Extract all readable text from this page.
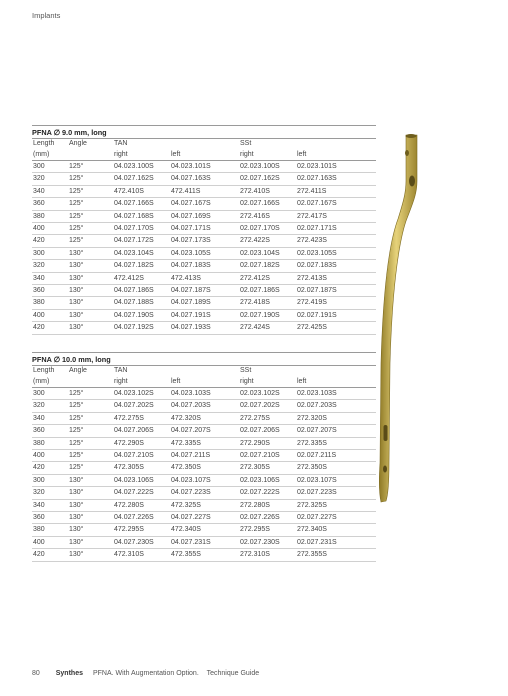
Implants
PFNA ∅ 9.0 mm, long
Length	Angle	TAN		SSt	
(mm)		right	left	right	left
300	125°	04.023.100S	04.023.101S	02.023.100S	02.023.101S
320	125°	04.027.162S	04.027.163S	02.027.162S	02.027.163S
340	125°	472.410S	472.411S	272.410S	272.411S
360	125°	04.027.166S	04.027.167S	02.027.166S	02.027.167S
380	125°	04.027.168S	04.027.169S	272.416S	272.417S
400	125°	04.027.170S	04.027.171S	02.027.170S	02.027.171S
420	125°	04.027.172S	04.027.173S	272.422S	272.423S
300	130°	04.023.104S	04.023.105S	02.023.104S	02.023.105S
320	130°	04.027.182S	04.027.183S	02.027.182S	02.027.183S
340	130°	472.412S	472.413S	272.412S	272.413S
360	130°	04.027.186S	04.027.187S	02.027.186S	02.027.187S
380	130°	04.027.188S	04.027.189S	272.418S	272.419S
400	130°	04.027.190S	04.027.191S	02.027.190S	02.027.191S
420	130°	04.027.192S	04.027.193S	272.424S	272.425S
PFNA ∅ 10.0 mm, long
Length	Angle	TAN		SSt	
(mm)		right	left	right	left
300	125°	04.023.102S	04.023.103S	02.023.102S	02.023.103S
320	125°	04.027.202S	04.027.203S	02.027.202S	02.027.203S
340	125°	472.275S	472.320S	272.275S	272.320S
360	125°	04.027.206S	04.027.207S	02.027.206S	02.027.207S
380	125°	472.290S	472.335S	272.290S	272.335S
400	125°	04.027.210S	04.027.211S	02.027.210S	02.027.211S
420	125°	472.305S	472.350S	272.305S	272.350S
300	130°	04.023.106S	04.023.107S	02.023.106S	02.023.107S
320	130°	04.027.222S	04.027.223S	02.027.222S	02.027.223S
340	130°	472.280S	472.325S	272.280S	272.325S
360	130°	04.027.226S	04.027.227S	02.027.226S	02.027.227S
380	130°	472.295S	472.340S	272.295S	272.340S
400	130°	04.027.230S	04.027.231S	02.027.230S	02.027.231S
420	130°	472.310S	472.355S	272.310S	272.355S
80 Synthes PFNA. With Augmentation Option. Technique Guide
